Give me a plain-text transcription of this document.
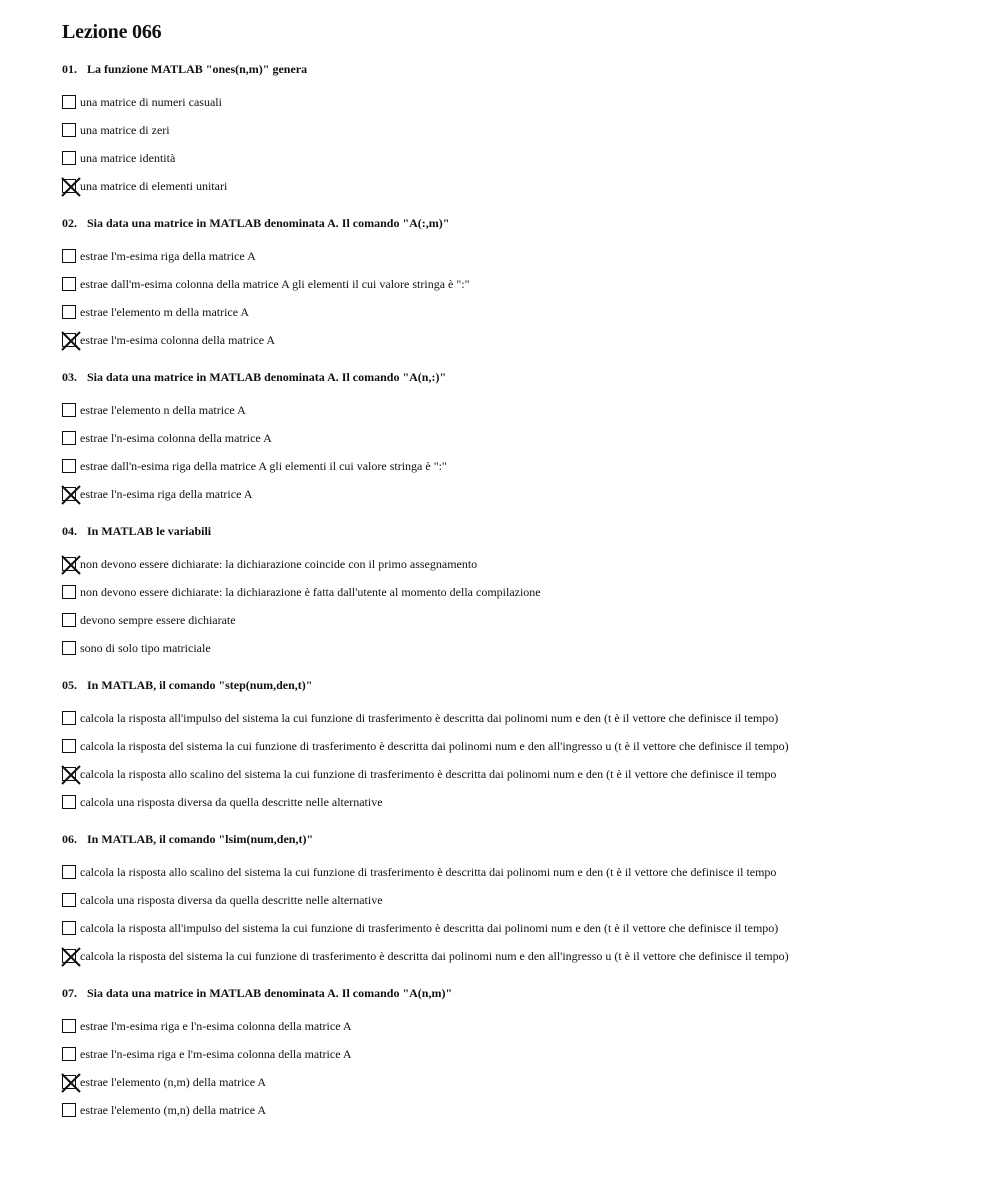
Lezione 066
01. La funzione MATLAB "ones(n,m)" genera
una matrice di numeri casuali
una matrice di zeri
una matrice identità
una matrice di elementi unitari
02. Sia data una matrice in MATLAB denominata A. Il comando "A(:,m)"
estrae l'm-esima riga della matrice A
estrae dall'm-esima colonna della matrice A gli elementi il cui valore stringa è ":"
estrae l'elemento m della matrice A
estrae l'm-esima colonna della matrice A
03. Sia data una matrice in MATLAB denominata A. Il comando "A(n,:)"
estrae l'elemento n della matrice A
estrae l'n-esima colonna della matrice A
estrae dall'n-esima riga della matrice A gli elementi il cui valore stringa è ":"
estrae l'n-esima riga della matrice A
04. In MATLAB le variabili
non devono essere dichiarate: la dichiarazione coincide con il primo assegnamento
non devono essere dichiarate: la dichiarazione è fatta dall'utente al momento della compilazione
devono sempre essere dichiarate
sono di solo tipo matriciale
05. In MATLAB, il comando "step(num,den,t)"
calcola la risposta all'impulso del sistema la cui funzione di trasferimento è descritta dai polinomi num e den (t è il vettore che definisce il tempo)
calcola la risposta del sistema la cui funzione di trasferimento è descritta dai polinomi num e den all'ingresso u (t è il vettore che definisce il tempo)
calcola la risposta allo scalino del sistema la cui funzione di trasferimento è descritta dai polinomi num e den (t è il vettore che definisce il tempo
calcola una risposta diversa da quella descritte nelle alternative
06. In MATLAB, il comando "lsim(num,den,t)"
calcola la risposta allo scalino del sistema la cui funzione di trasferimento è descritta dai polinomi num e den (t è il vettore che definisce il tempo
calcola una risposta diversa da quella descritte nelle alternative
calcola la risposta all'impulso del sistema la cui funzione di trasferimento è descritta dai polinomi num e den (t è il vettore che definisce il tempo)
calcola la risposta del sistema la cui funzione di trasferimento è descritta dai polinomi num e den all'ingresso u (t è il vettore che definisce il tempo)
07. Sia data una matrice in MATLAB denominata A. Il comando "A(n,m)"
estrae l'm-esima riga e l'n-esima colonna della matrice A
estrae l'n-esima riga e l'm-esima colonna della matrice A
estrae l'elemento (n,m) della matrice A
estrae l'elemento (m,n) della matrice A
